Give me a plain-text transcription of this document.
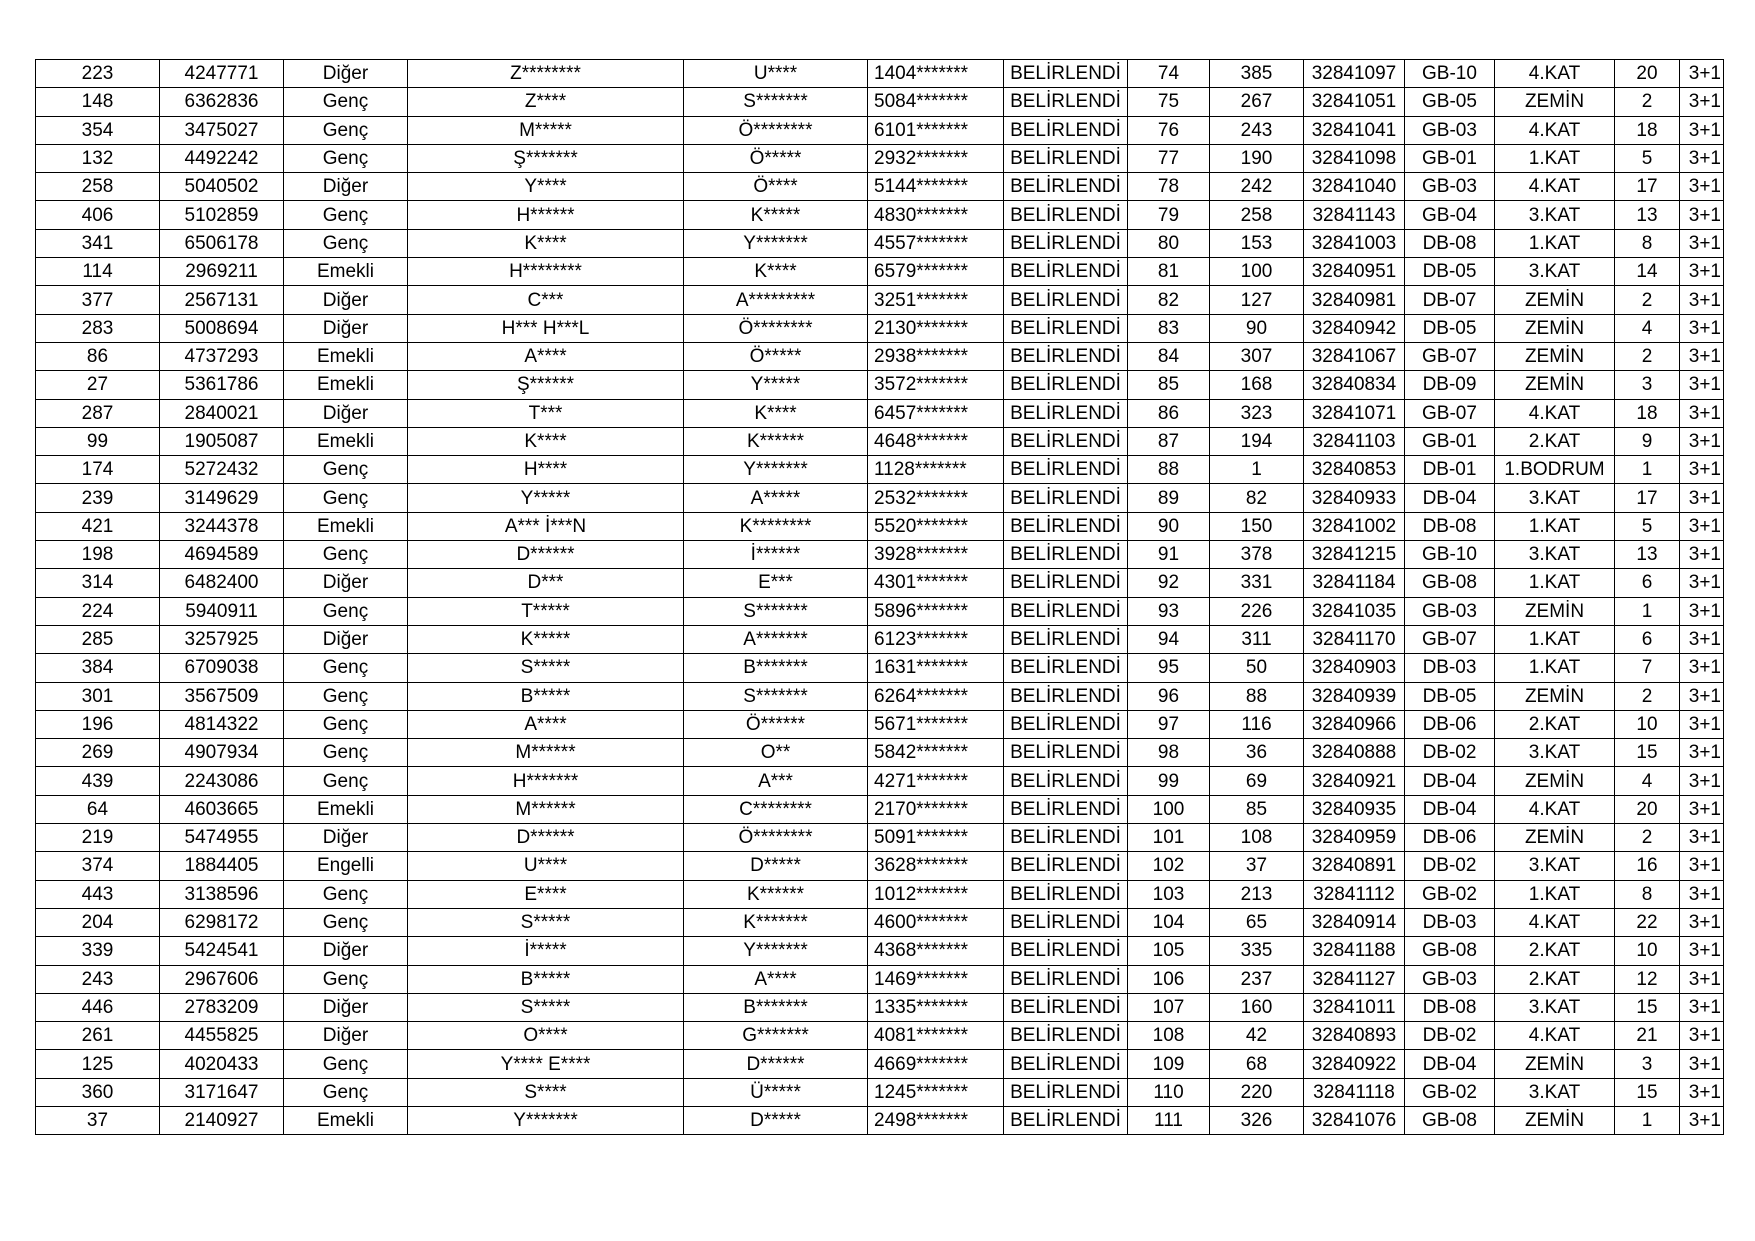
223	4247771	Diğer	Z********	U****	1404*******	BELİRLENDİ	74	385	32841097	GB-10	4.KAT	20	3+1
148	6362836	Genç	Z****	S*******	5084*******	BELİRLENDİ	75	267	32841051	GB-05	ZEMİN	2	3+1
354	3475027	Genç	M*****	Ö********	6101*******	BELİRLENDİ	76	243	32841041	GB-03	4.KAT	18	3+1
132	4492242	Genç	Ş*******	Ö*****	2932*******	BELİRLENDİ	77	190	32841098	GB-01	1.KAT	5	3+1
258	5040502	Diğer	Y****	Ö****	5144*******	BELİRLENDİ	78	242	32841040	GB-03	4.KAT	17	3+1
406	5102859	Genç	H******	K*****	4830*******	BELİRLENDİ	79	258	32841143	GB-04	3.KAT	13	3+1
341	6506178	Genç	K****	Y*******	4557*******	BELİRLENDİ	80	153	32841003	DB-08	1.KAT	8	3+1
114	2969211	Emekli	H********	K****	6579*******	BELİRLENDİ	81	100	32840951	DB-05	3.KAT	14	3+1
377	2567131	Diğer	C***	A*********	3251*******	BELİRLENDİ	82	127	32840981	DB-07	ZEMİN	2	3+1
283	5008694	Diğer	H*** H***L	Ö********	2130*******	BELİRLENDİ	83	90	32840942	DB-05	ZEMİN	4	3+1
86	4737293	Emekli	A****	Ö*****	2938*******	BELİRLENDİ	84	307	32841067	GB-07	ZEMİN	2	3+1
27	5361786	Emekli	Ş******	Y*****	3572*******	BELİRLENDİ	85	168	32840834	DB-09	ZEMİN	3	3+1
287	2840021	Diğer	T***	K****	6457*******	BELİRLENDİ	86	323	32841071	GB-07	4.KAT	18	3+1
99	1905087	Emekli	K****	K******	4648*******	BELİRLENDİ	87	194	32841103	GB-01	2.KAT	9	3+1
174	5272432	Genç	H****	Y*******	1128*******	BELİRLENDİ	88	1	32840853	DB-01	1.BODRUM	1	3+1
239	3149629	Genç	Y*****	A*****	2532*******	BELİRLENDİ	89	82	32840933	DB-04	3.KAT	17	3+1
421	3244378	Emekli	A*** İ***N	K********	5520*******	BELİRLENDİ	90	150	32841002	DB-08	1.KAT	5	3+1
198	4694589	Genç	D******	İ******	3928*******	BELİRLENDİ	91	378	32841215	GB-10	3.KAT	13	3+1
314	6482400	Diğer	D***	E***	4301*******	BELİRLENDİ	92	331	32841184	GB-08	1.KAT	6	3+1
224	5940911	Genç	T*****	S*******	5896*******	BELİRLENDİ	93	226	32841035	GB-03	ZEMİN	1	3+1
285	3257925	Diğer	K*****	A*******	6123*******	BELİRLENDİ	94	311	32841170	GB-07	1.KAT	6	3+1
384	6709038	Genç	S*****	B*******	1631*******	BELİRLENDİ	95	50	32840903	DB-03	1.KAT	7	3+1
301	3567509	Genç	B*****	S*******	6264*******	BELİRLENDİ	96	88	32840939	DB-05	ZEMİN	2	3+1
196	4814322	Genç	A****	Ö******	5671*******	BELİRLENDİ	97	116	32840966	DB-06	2.KAT	10	3+1
269	4907934	Genç	M******	O**	5842*******	BELİRLENDİ	98	36	32840888	DB-02	3.KAT	15	3+1
439	2243086	Genç	H*******	A***	4271*******	BELİRLENDİ	99	69	32840921	DB-04	ZEMİN	4	3+1
64	4603665	Emekli	M******	C********	2170*******	BELİRLENDİ	100	85	32840935	DB-04	4.KAT	20	3+1
219	5474955	Diğer	D******	Ö********	5091*******	BELİRLENDİ	101	108	32840959	DB-06	ZEMİN	2	3+1
374	1884405	Engelli	U****	D*****	3628*******	BELİRLENDİ	102	37	32840891	DB-02	3.KAT	16	3+1
443	3138596	Genç	E****	K******	1012*******	BELİRLENDİ	103	213	32841112	GB-02	1.KAT	8	3+1
204	6298172	Genç	S*****	K*******	4600*******	BELİRLENDİ	104	65	32840914	DB-03	4.KAT	22	3+1
339	5424541	Diğer	İ*****	Y*******	4368*******	BELİRLENDİ	105	335	32841188	GB-08	2.KAT	10	3+1
243	2967606	Genç	B*****	A****	1469*******	BELİRLENDİ	106	237	32841127	GB-03	2.KAT	12	3+1
446	2783209	Diğer	S*****	B*******	1335*******	BELİRLENDİ	107	160	32841011	DB-08	3.KAT	15	3+1
261	4455825	Diğer	O****	G*******	4081*******	BELİRLENDİ	108	42	32840893	DB-02	4.KAT	21	3+1
125	4020433	Genç	Y**** E****	D******	4669*******	BELİRLENDİ	109	68	32840922	DB-04	ZEMİN	3	3+1
360	3171647	Genç	S****	Ü*****	1245*******	BELİRLENDİ	110	220	32841118	GB-02	3.KAT	15	3+1
37	2140927	Emekli	Y*******	D*****	2498*******	BELİRLENDİ	111	326	32841076	GB-08	ZEMİN	1	3+1
